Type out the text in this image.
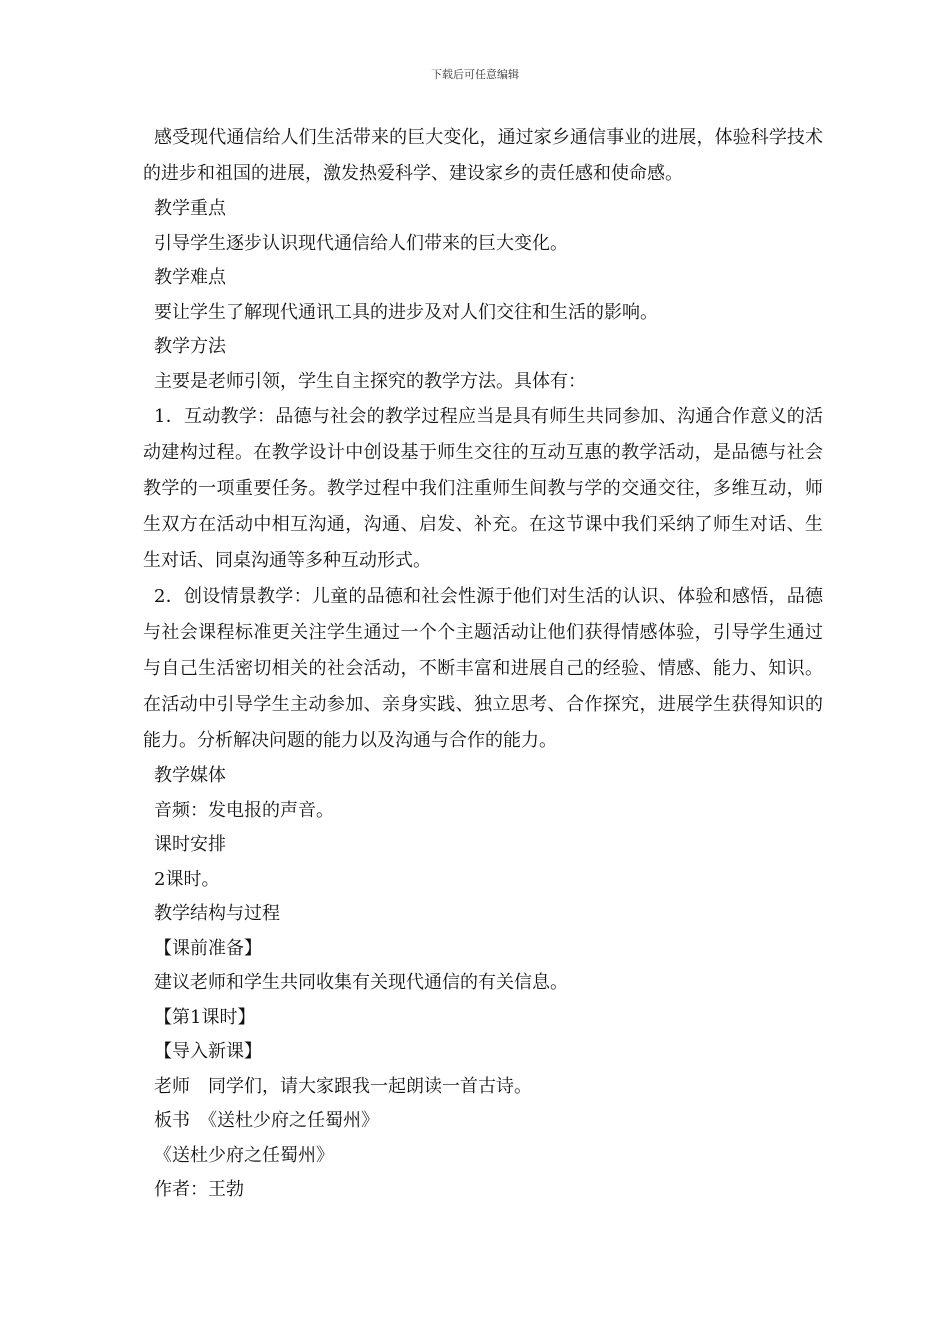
下载后可任意编辑

感受现代通信给人们生活带来的巨大变化，通过家乡通信事业的进展，体验科学技术的进步和祖国的进展，激发热爱科学、建设家乡的责任感和使命感。

教学重点

引导学生逐步认识现代通信给人们带来的巨大变化。

教学难点

要让学生了解现代通讯工具的进步及对人们交往和生活的影响。

教学方法

主要是老师引领，学生自主探究的教学方法。具体有：

1．互动教学：品德与社会的教学过程应当是具有师生共同参加、沟通合作意义的活动建构过程。在教学设计中创设基于师生交往的互动互惠的教学活动，是品德与社会教学的一项重要任务。教学过程中我们注重师生间教与学的交通交往，多维互动，师生双方在活动中相互沟通，沟通、启发、补充。在这节课中我们采纳了师生对话、生生对话、同桌沟通等多种互动形式。

2．创设情景教学：儿童的品德和社会性源于他们对生活的认识、体验和感悟，品德与社会课程标准更关注学生通过一个个主题活动让他们获得情感体验，引导学生通过与自己生活密切相关的社会活动，不断丰富和进展自己的经验、情感、能力、知识。在活动中引导学生主动参加、亲身实践、独立思考、合作探究，进展学生获得知识的能力。分析解决问题的能力以及沟通与合作的能力。

教学媒体

音频：发电报的声音。

课时安排

2课时。

教学结构与过程

【课前准备】

建议老师和学生共同收集有关现代通信的有关信息。

【第1课时】

【导入新课】

老师　同学们，请大家跟我一起朗读一首古诗。

板书　《送杜少府之任蜀州》

《送杜少府之任蜀州》

作者：王勃
